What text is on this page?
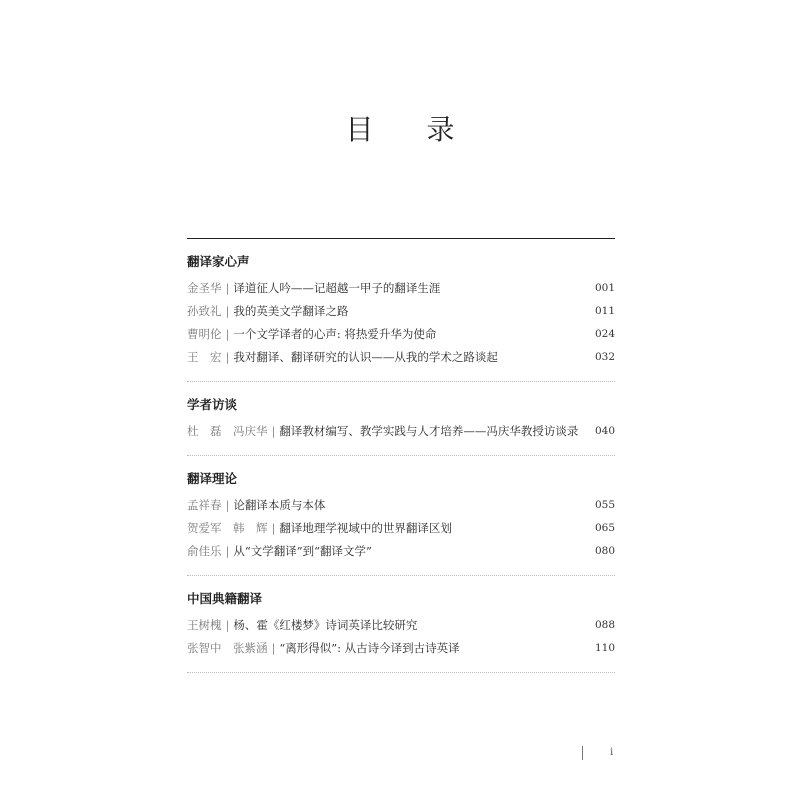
目 录
翻译家心声
金圣华 | 译道征人吟——记超越一甲子的翻译生涯	001
孙致礼 | 我的英美文学翻译之路	011
曹明伦 | 一个文学译者的心声: 将热爱升华为使命	024
王　宏 | 我对翻译、翻译研究的认识——从我的学术之路谈起	032
学者访谈
杜　磊　冯庆华 | 翻译教材编写、教学实践与人才培养——冯庆华教授访谈录	040
翻译理论
孟祥春 | 论翻译本质与本体	055
贺爱军　韩　辉 | 翻译地理学视域中的世界翻译区划	065
俞佳乐 | 从“文学翻译”到“翻译文学”	080
中国典籍翻译
王树槐 | 杨、霍《红楼梦》诗词英译比较研究	088
张智中　张紫涵 | “离形得似”: 从古诗今译到古诗英译	110
i
